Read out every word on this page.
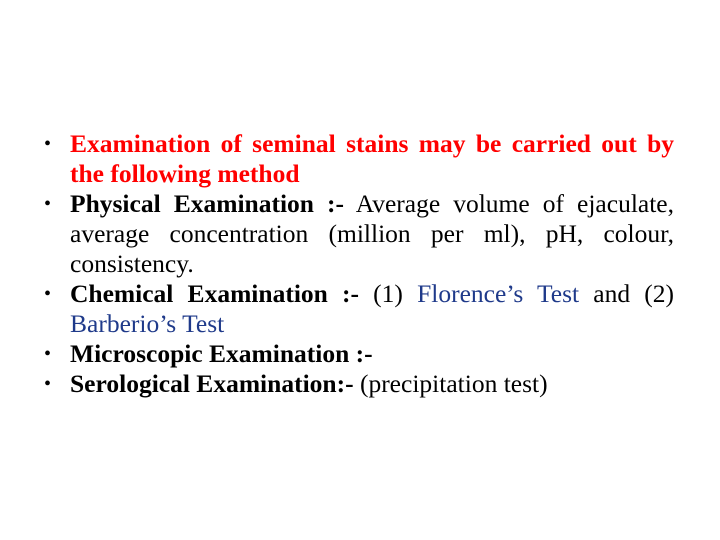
• Examination of seminal stains may be carried out by the following method
• Physical Examination :- Average volume of ejaculate, average concentration (million per ml), pH, colour, consistency.
• Chemical Examination :- (1) Florence’s Test and (2) Barberio’s Test
• Microscopic Examination :-
• Serological Examination:- (precipitation test)
